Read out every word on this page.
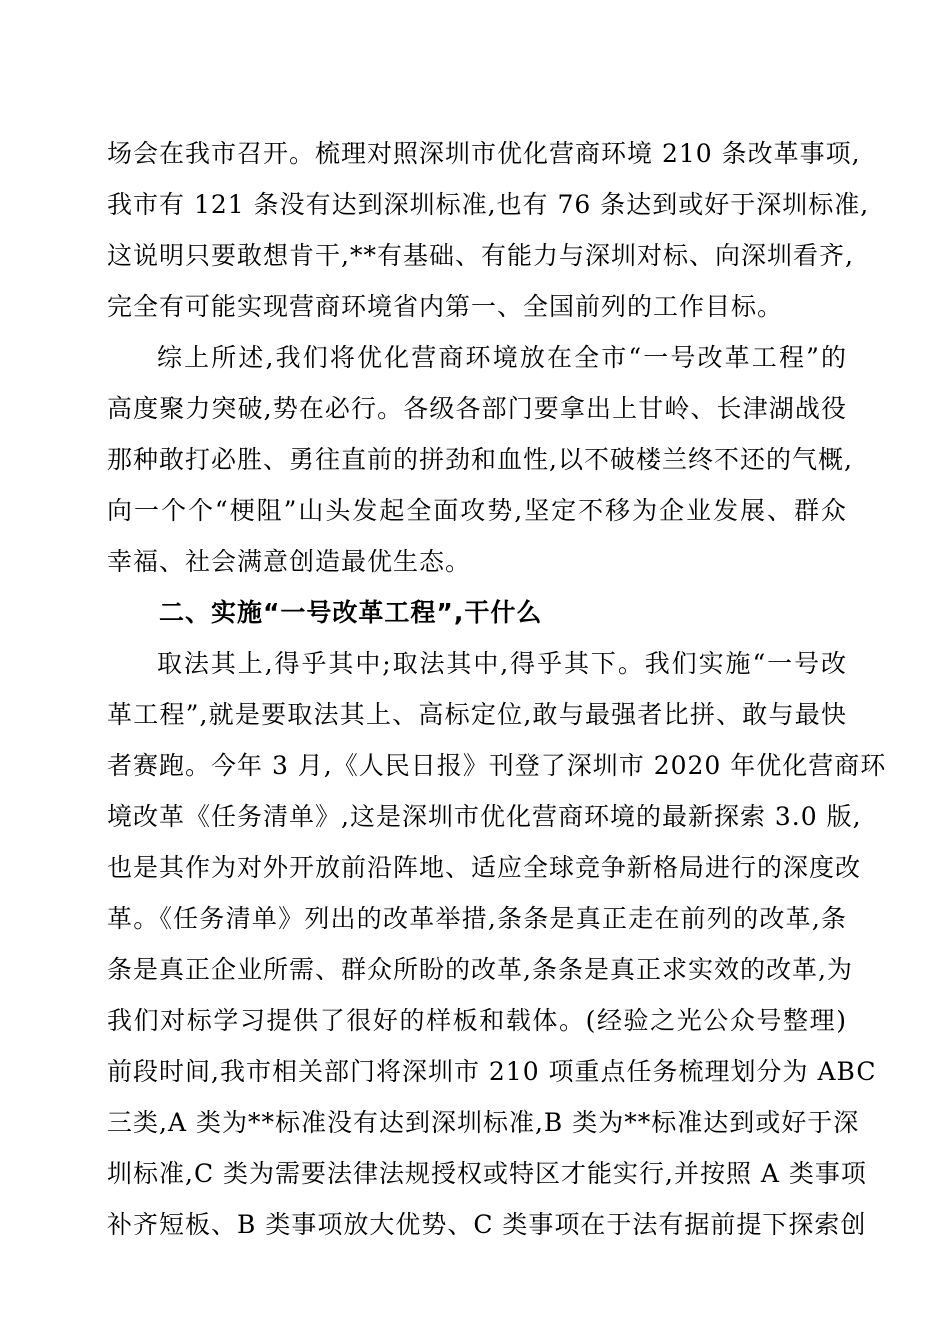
场会在我市召开。梳理对照深圳市优化营商环境 210 条改革事项,
我市有 121 条没有达到深圳标准,也有 76 条达到或好于深圳标准,
这说明只要敢想肯干,**有基础、有能力与深圳对标、向深圳看齐,
完全有可能实现营商环境省内第一、全国前列的工作目标。
综上所述,我们将优化营商环境放在全市“一号改革工程”的
高度聚力突破,势在必行。各级各部门要拿出上甘岭、长津湖战役
那种敢打必胜、勇往直前的拼劲和血性,以不破楼兰终不还的气概,
向一个个“梗阻”山头发起全面攻势,坚定不移为企业发展、群众
幸福、社会满意创造最优生态。
二、实施“一号改革工程”,干什么
取法其上,得乎其中;取法其中,得乎其下。我们实施“一号改
革工程”,就是要取法其上、高标定位,敢与最强者比拼、敢与最快
者赛跑。今年 3 月,《人民日报》刊登了深圳市 2020 年优化营商环
境改革《任务清单》,这是深圳市优化营商环境的最新探索 3.0 版,
也是其作为对外开放前沿阵地、适应全球竞争新格局进行的深度改
革。《任务清单》列出的改革举措,条条是真正走在前列的改革,条
条是真正企业所需、群众所盼的改革,条条是真正求实效的改革,为
我们对标学习提供了很好的样板和载体。(经验之光公众号整理)
前段时间,我市相关部门将深圳市 210 项重点任务梳理划分为 ABC
三类,A 类为**标准没有达到深圳标准,B 类为**标准达到或好于深
圳标准,C 类为需要法律法规授权或特区才能实行,并按照 A 类事项
补齐短板、B 类事项放大优势、C 类事项在于法有据前提下探索创
